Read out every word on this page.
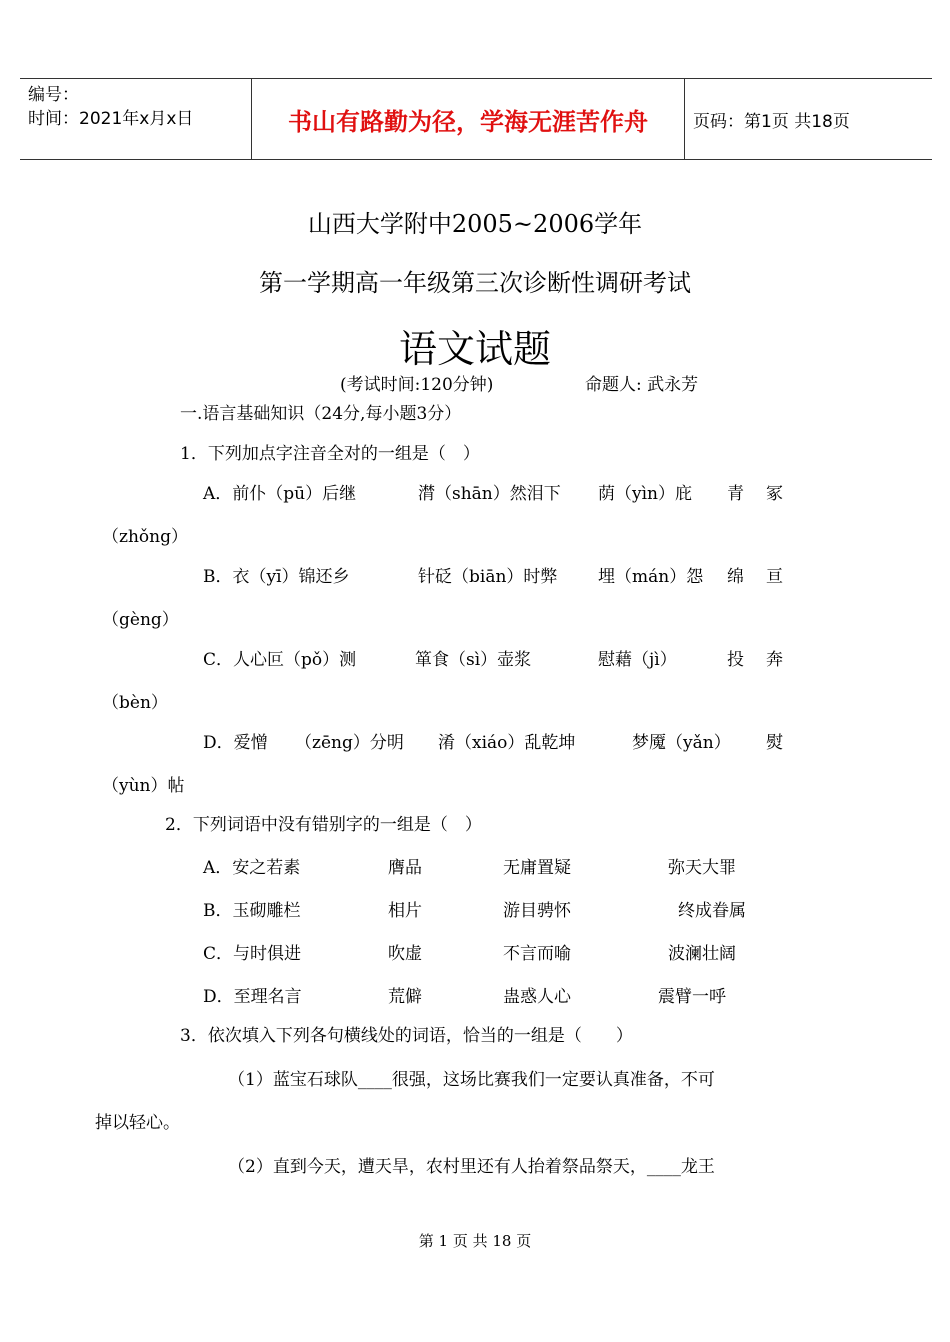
编号：
时间：2021年x月x日	书山有路勤为径，学海无涯苦作舟	页码：第1页 共18页
山西大学附中2005~2006学年
第一学期高一年级第三次诊断性调研考试
语文试题
(考试时间:120分钟)	命题人: 武永芳
一.语言基础知识（24分,每小题3分）
1．下列加点字注音全对的一组是（　）
A．前仆（pū）后继	潸（shān）然泪下 荫（yìn）庇 青 冢
（zhǒng）
B．衣（yī）锦还乡	针砭（biān）时弊 埋（mán）怨 绵 亘
（gèng）
C．人心叵（pǒ）测	箪食（sì）壶浆	慰藉（jì）	投 奔
（bèn）
D．爱憎 （zēng）分明 淆（xiáo）乱乾坤	梦魇（yǎn） 熨
（yùn）帖
2．下列词语中没有错别字的一组是（　）
A．安之若素	膺品	无庸置疑	弥天大罪
B．玉砌雕栏	相片	游目骋怀	终成眷属
C．与时俱进	吹虚	不言而喻	波澜壮阔
D．至理名言	荒僻	蛊惑人心	震臂一呼
3．依次填入下列各句横线处的词语，恰当的一组是（　　）
（1）蓝宝石球队____很强，这场比赛我们一定要认真准备，不可
掉以轻心。
（2）直到今天，遭天旱，农村里还有人抬着祭品祭天，____龙王
第 1 页 共 18 页
